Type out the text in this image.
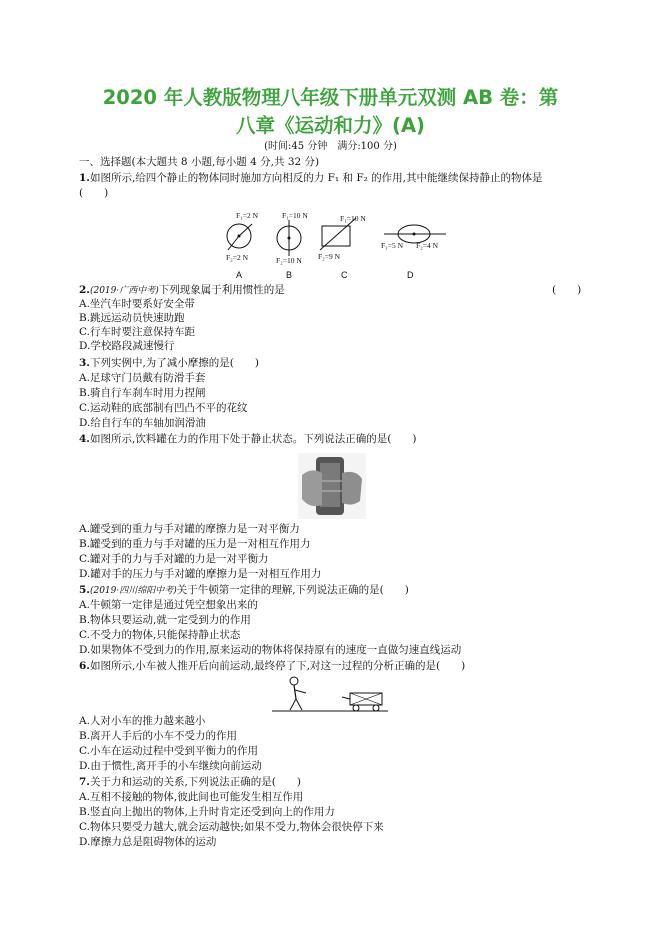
2020 年人教版物理八年级下册单元双测 AB 卷：第
八章《运动和力》(A)
(时间:45 分钟　满分:100 分)
一、选择题(本大题共 8 小题,每小题 4 分,共 32 分)
1.如图所示,给四个静止的物体同时施加方向相反的力 F₁ 和 F₂ 的作用,其中能继续保持静止的物体是
(　　)
F₁=2 N
F₂=2 N
A
F₁=10 N
F₂=10 N
B
F₁=10 N
F₂=9 N
C
F₁=5 N F₂=4 N
D
2.(2019·广西中考)下列现象属于利用惯性的是	(　　)
A.坐汽车时要系好安全带
B.跳远运动员快速助跑
C.行车时要注意保持车距
D.学校路段减速慢行
3.下列实例中,为了减小摩擦的是(　　)
A.足球守门员戴有防滑手套
B.骑自行车刹车时用力捏闸
C.运动鞋的底部制有凹凸不平的花纹
D.给自行车的车轴加润滑油
4.如图所示,饮料罐在力的作用下处于静止状态。下列说法正确的是(　　)
A.罐受到的重力与手对罐的摩擦力是一对平衡力
B.罐受到的重力与手对罐的压力是一对相互作用力
C.罐对手的力与手对罐的力是一对平衡力
D.罐对手的压力与手对罐的摩擦力是一对相互作用力
5.(2019·四川绵阳中考)关于牛顿第一定律的理解,下列说法正确的是(　　)
A.牛顿第一定律是通过凭空想象出来的
B.物体只要运动,就一定受到力的作用
C.不受力的物体,只能保持静止状态
D.如果物体不受到力的作用,原来运动的物体将保持原有的速度一直做匀速直线运动
6.如图所示,小车被人推开后向前运动,最终停了下,对这一过程的分析正确的是(　　)
A.人对小车的推力越来越小
B.离开人手后的小车不受力的作用
C.小车在运动过程中受到平衡力的作用
D.由于惯性,离开手的小车继续向前运动
7.关于力和运动的关系,下列说法正确的是(　　)
A.互相不接触的物体,彼此间也可能发生相互作用
B.竖直向上抛出的物体,上升时肯定还受到向上的作用力
C.物体只要受力越大,就会运动越快;如果不受力,物体会很快停下来
D.摩擦力总是阻碍物体的运动
